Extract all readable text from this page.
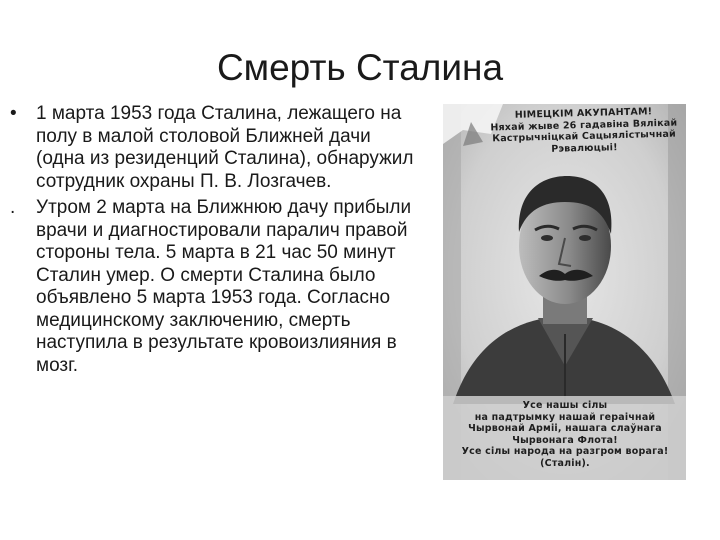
Смерть Сталина
•	1 марта 1953 года Сталина, лежащего на полу в малой столовой Ближней дачи (одна из резиденций Сталина), обнаружил сотрудник охраны П. В. Лозгачев.
.	Утром 2 марта на Ближнюю дачу прибыли врачи и диагностировали паралич правой стороны тела. 5 марта в 21 час 50 минут Сталин умер. О смерти Сталина было объявлено 5 марта 1953 года. Согласно медицинскому заключению, смерть наступила в результате кровоизлияния в мозг.
НІМЕЦКІМ АКУПАНТАМ!
Няхай жыве 26 гадавіна Вялікай
Кастрычніцкай Сацыялістычнай
Рэвалюцыі!
Усе нашы сілы
на падтрымку нашай гераічнай
Чырвонай Арміі, нашага слаўнага
Чырвонага Флота!
Усе сілы народа на разгром ворага!
(Сталін).
